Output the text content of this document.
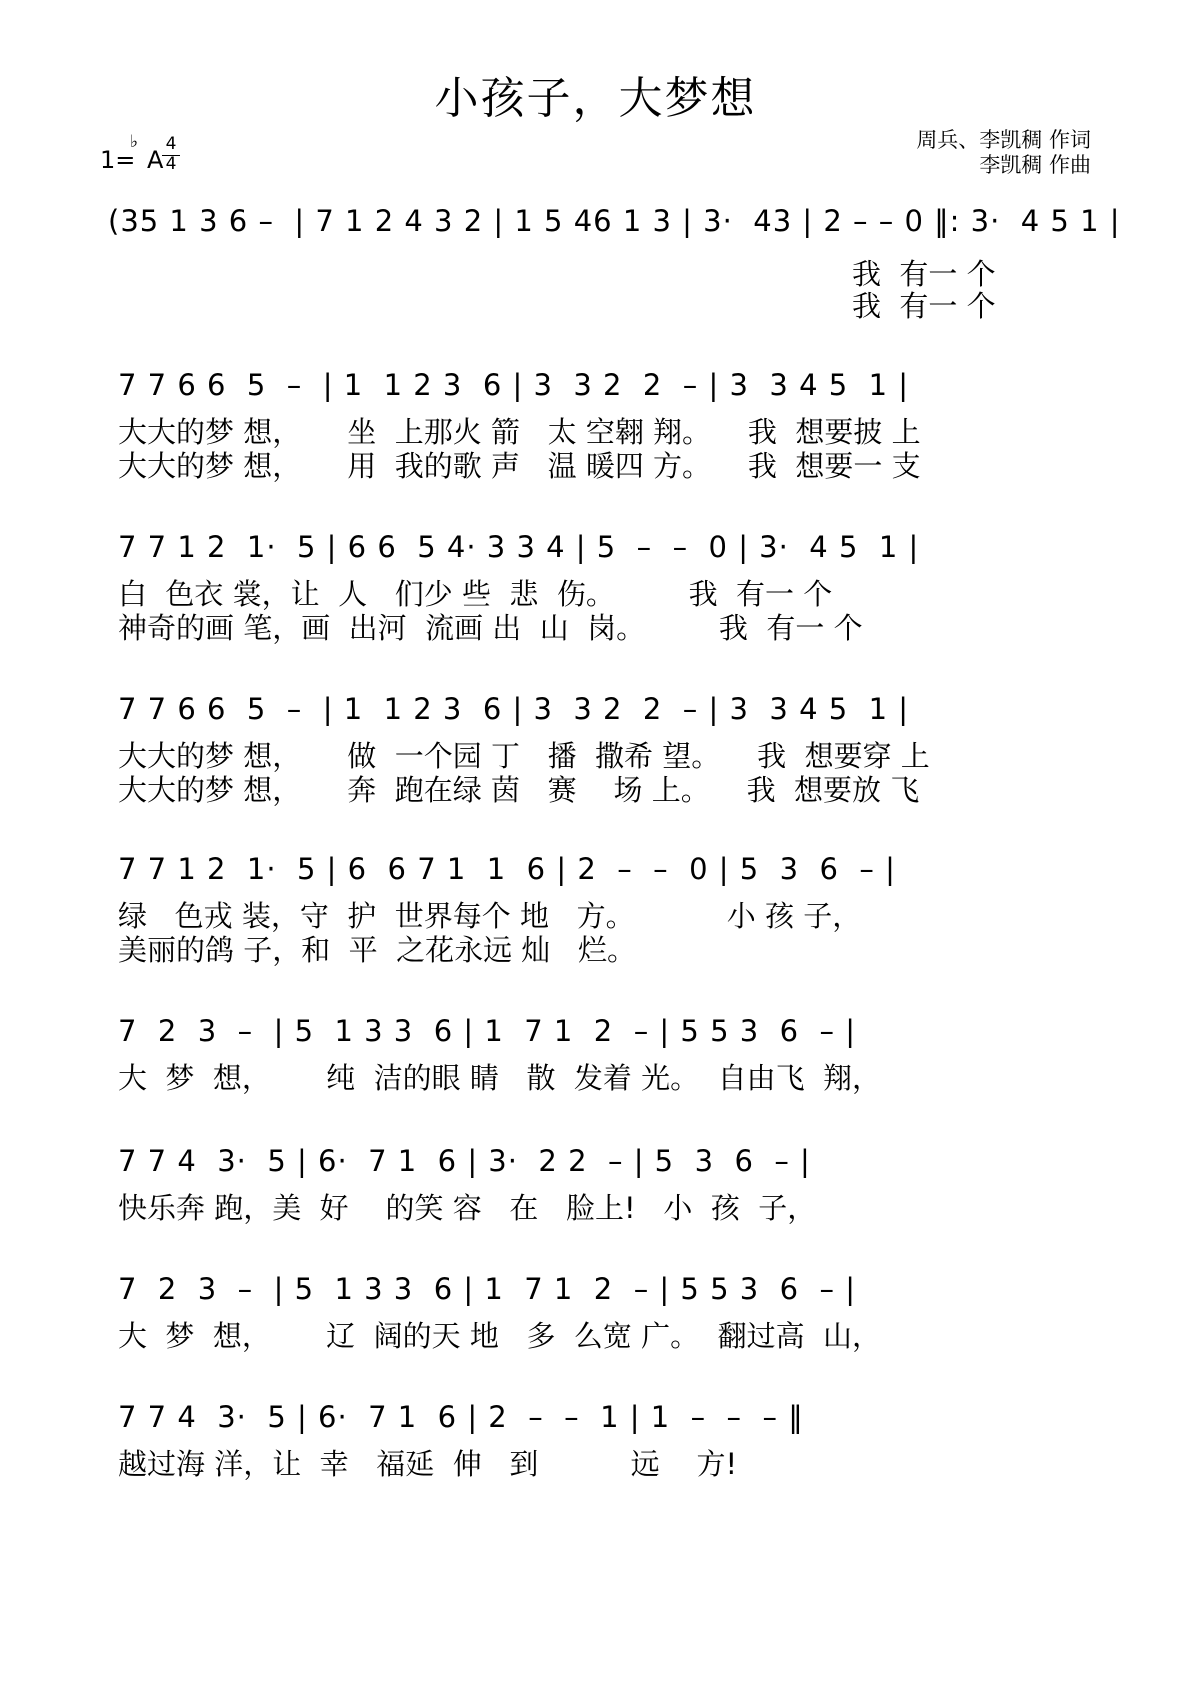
小孩子，大梦想
1=
♭
A
4
4
周兵、李凯稠 作词
李凯稠 作曲
(35 1 3 6 –  | 7 1 2 4 3 2 | 1 5 46 1 3 | 3·  43 | 2 – – 0 ‖: 3·  4 5 1 |
我  有一 个
我  有一 个
7 7 6 6  5  –  | 1  1 2 3  6 | 3  3 2  2  – | 3  3 4 5  1 |
大大的梦 想，     坐  上那火 箭   太 空翱 翔。    我  想要披 上
大大的梦 想，     用  我的歌 声   温 暖四 方。    我  想要一 支
7 7 1 2  1·  5 | 6 6  5 4· 3 3 4 | 5  –  –  0 | 3·  4 5  1 |
白  色衣 裳，让  人   们少 些  悲  伤。        我  有一 个
神奇的画 笔，画  出河  流画 出  山  岗。        我  有一 个
7 7 6 6  5  –  | 1  1 2 3  6 | 3  3 2  2  – | 3  3 4 5  1 |
大大的梦 想，     做  一个园 丁   播  撒希 望。    我  想要穿 上
大大的梦 想，     奔  跑在绿 茵   赛    场 上。    我  想要放 飞
7 7 1 2  1·  5 | 6  6 7 1  1  6 | 2  –  –  0 | 5  3  6  – |
绿   色戎 装，守  护  世界每个 地   方。          小 孩 子，
美丽的鸽 子，和  平  之花永远 灿   烂。
7  2  3  –  | 5  1 3 3  6 | 1  7 1  2  – | 5 5 3  6  – |
大  梦  想，      纯  洁的眼 睛   散  发着 光。  自由飞  翔，
7 7 4  3·  5 | 6·  7 1  6 | 3·  2 2  – | 5  3  6  – |
快乐奔 跑，美  好    的笑 容   在   脸上!   小  孩  子，
7  2  3  –  | 5  1 3 3  6 | 1  7 1  2  – | 5 5 3  6  – |
大  梦  想，      辽  阔的天 地   多  么宽 广。  翻过高  山，
7 7 4  3·  5 | 6·  7 1  6 | 2  –  –  1 | 1  –  –  – ‖
越过海 洋，让  幸   福延  伸   到          远    方!
